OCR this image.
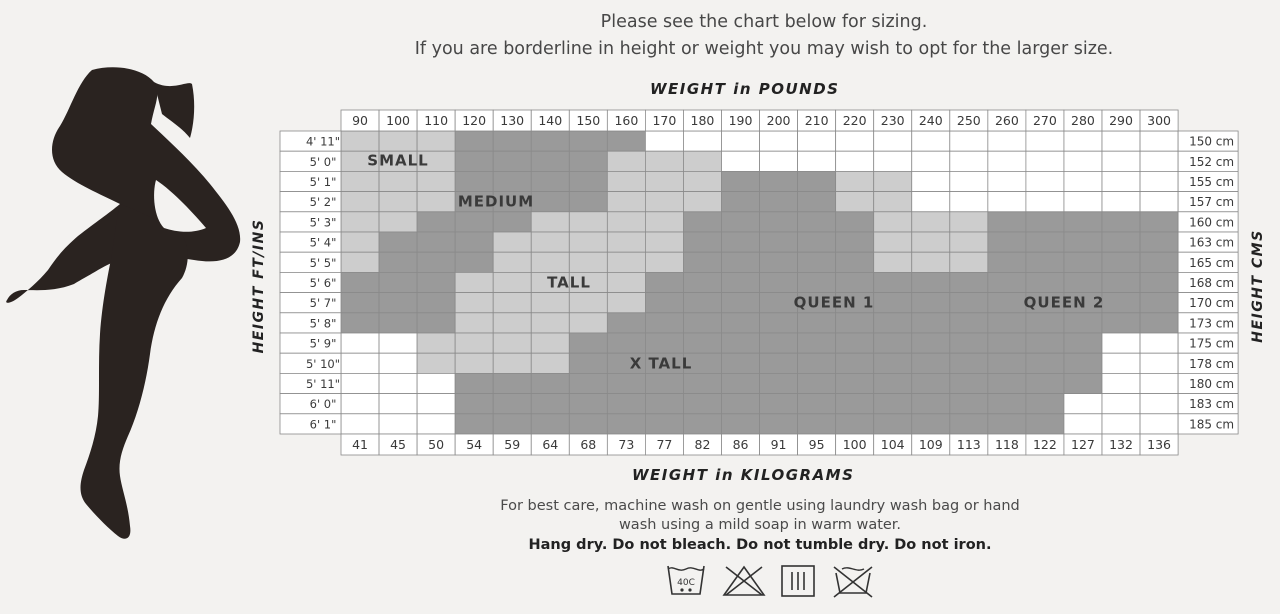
Please see the chart below for sizing.
If you are borderline in height or weight you may wish to opt for the larger size.
WEIGHT in POUNDS
WEIGHT in KILOGRAMS
HEIGHT FT/INS	HEIGHT CMS
90 100 110 120 130 140 150 160 170 180 190 200 210 220 230 240 250 260 270 280 290 300
41 45 50 54 59 64 68 73 77 82 86 91 95 100 104 109 113 118 122 127 132 136
4' 11"
5' 0"
5' 1"
5' 2"
5' 3"
5' 4"
5' 5"
5' 6"
5' 7"
5' 8"
5' 9"
5' 10"
5' 11"
6' 0"
6' 1"
150 cm
152 cm
155 cm
157 cm
160 cm
163 cm
165 cm
168 cm
170 cm
173 cm
175 cm
178 cm
180 cm
183 cm
185 cm
SMALL
MEDIUM
TALL
QUEEN 1
X TALL
QUEEN 2
For best care, machine wash on gentle using laundry wash bag or hand
wash using a mild soap in warm water.
Hang dry. Do not bleach. Do not tumble dry. Do not iron.
40C
